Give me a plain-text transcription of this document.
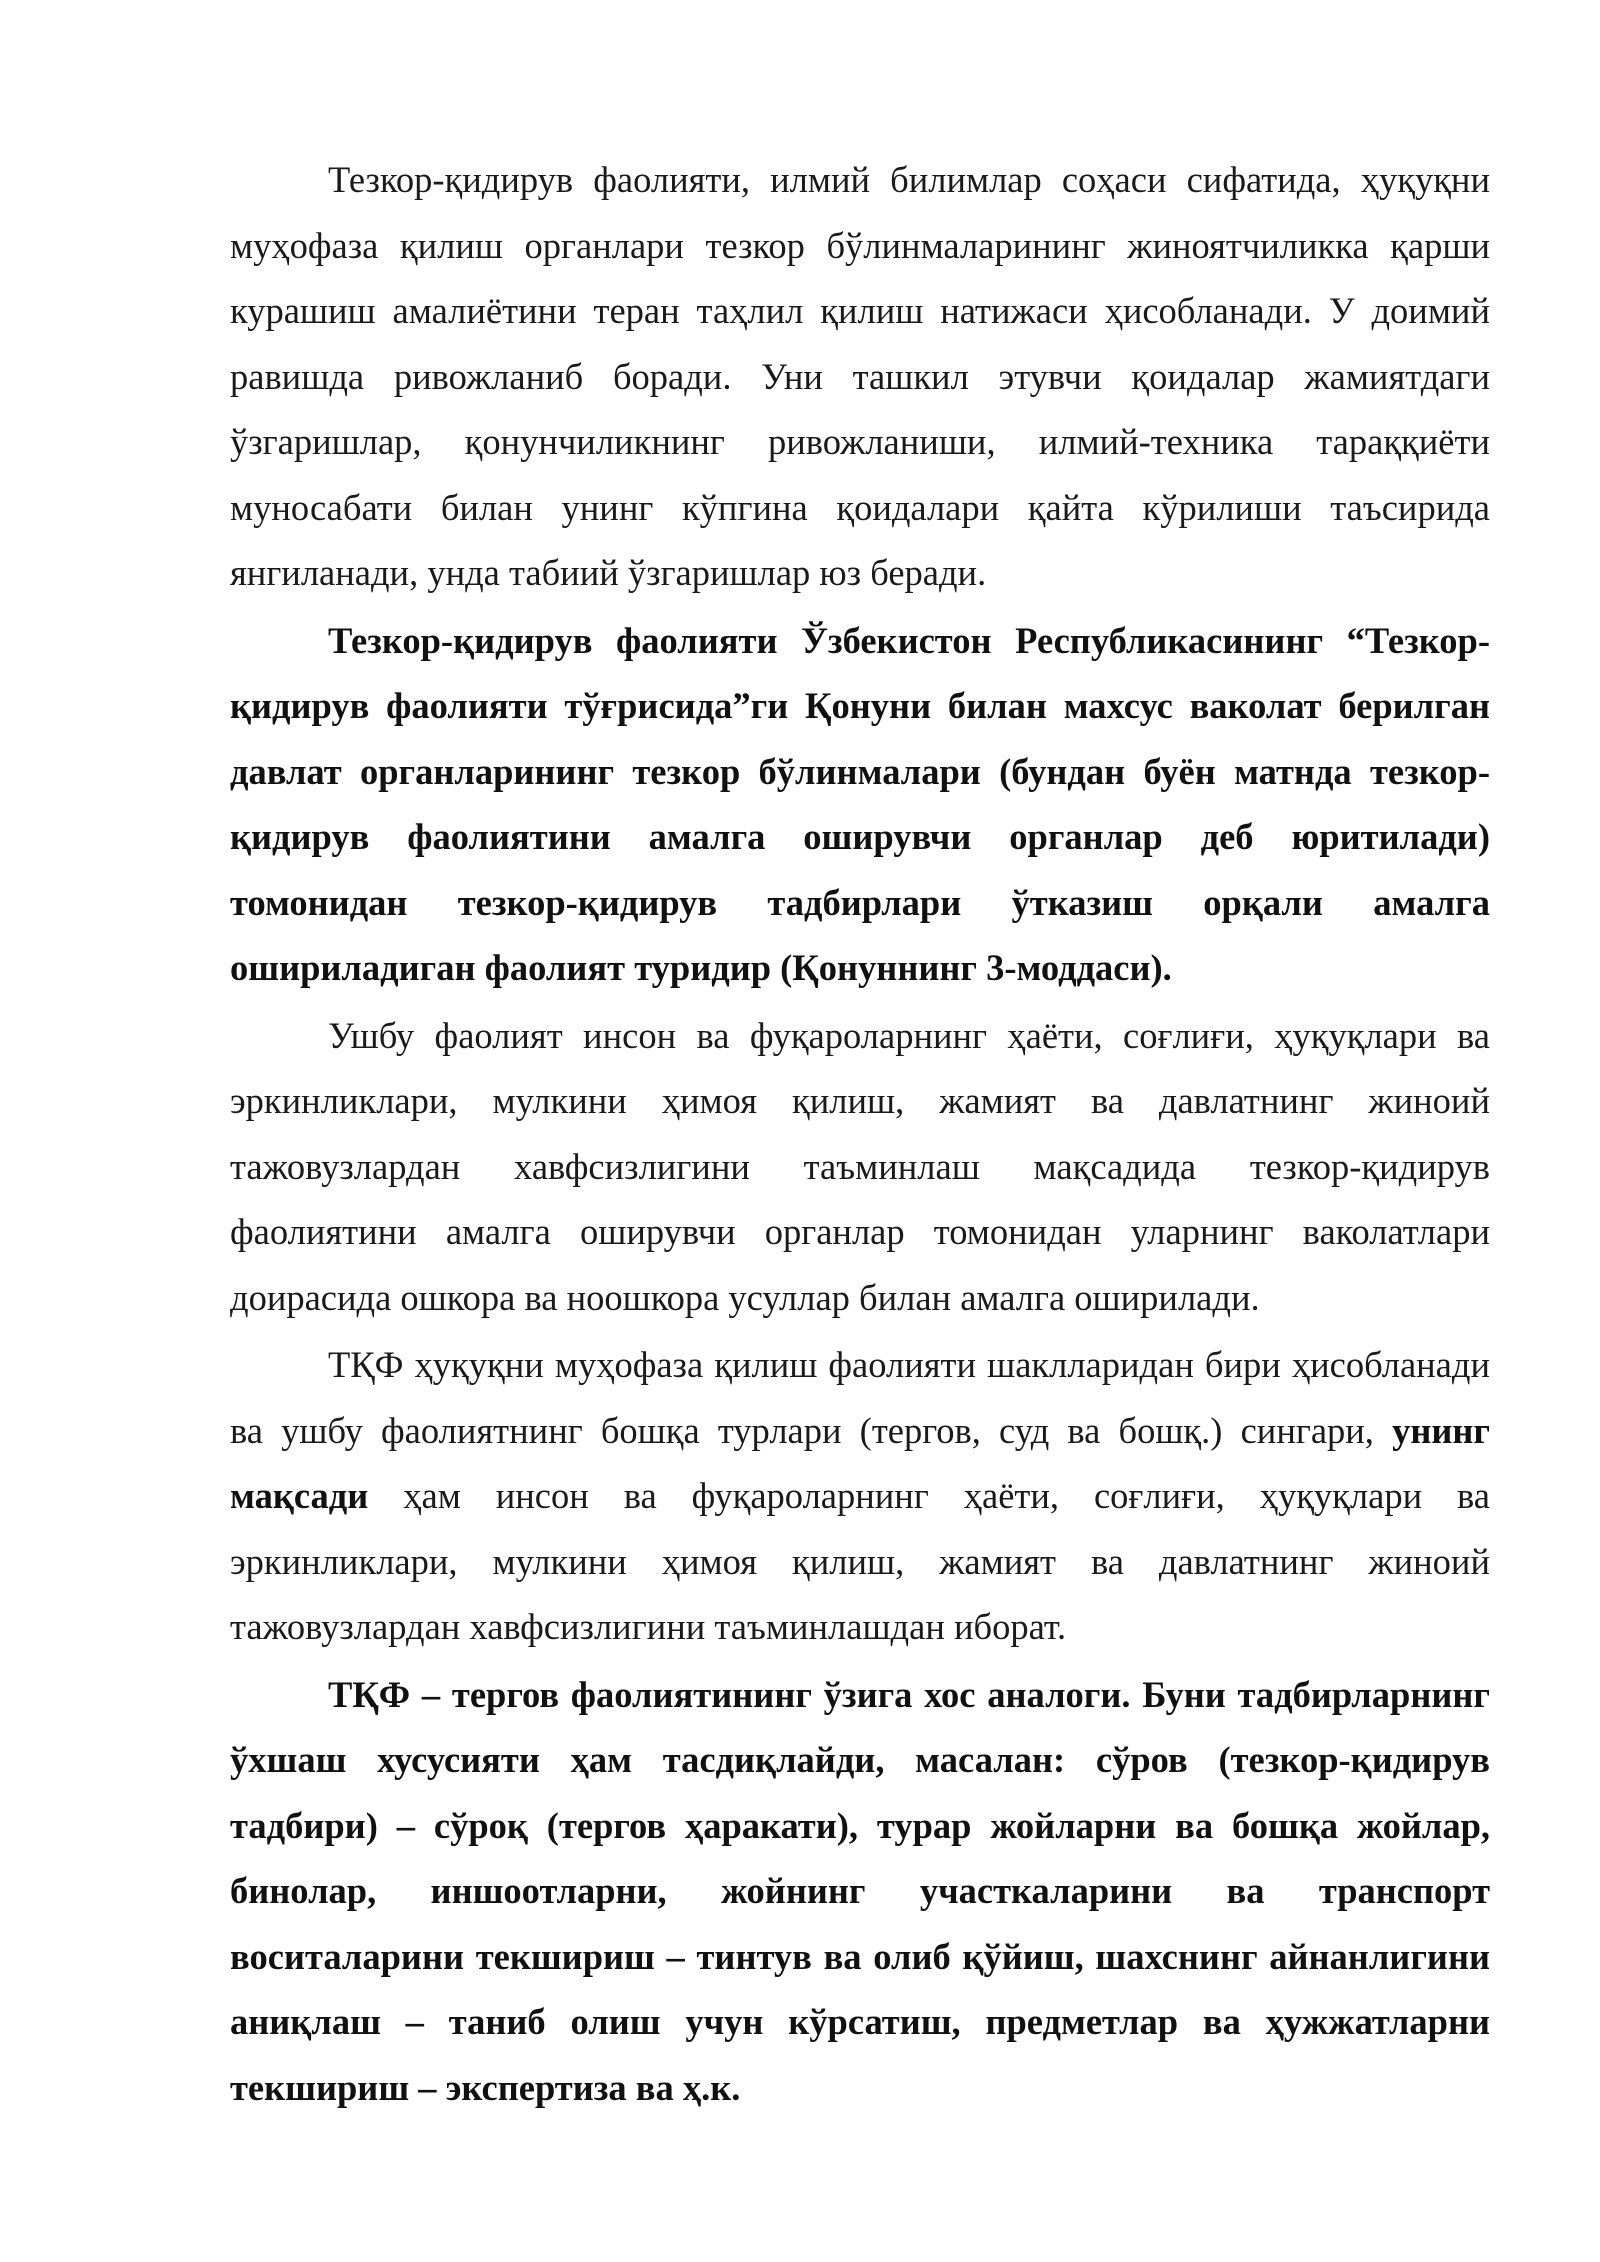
Тезкор-қидирув фаолияти, илмий билимлар соҳаси сифатида, ҳуқуқни муҳофаза қилиш органлари тезкор бўлинмаларининг жиноятчиликка қарши курашиш амалиётини теран таҳлил қилиш натижаси ҳисобланади. У доимий равишда ривожланиб боради. Уни ташкил этувчи қоидалар жамиятдаги ўзгаришлар, қонунчиликнинг ривожланиши, илмий-техника тараққиёти муносабати билан унинг кўпгина қоидалари қайта кўрилиши таъсирида янгиланади, унда табиий ўзгаришлар юз беради.

Тезкор-қидирув фаолияти Ўзбекистон Республикасининг “Тезкор-қидирув фаолияти тўғрисида”ги Қонуни билан махсус ваколат берилган давлат органларининг тезкор бўлинмалари (бундан буён матнда тезкор-қидирув фаолиятини амалга оширувчи органлар деб юритилади) томонидан тезкор-қидирув тадбирлари ўтказиш орқали амалга ошириладиган фаолият туридир (Қонуннинг 3-моддаси).

Ушбу фаолият инсон ва фуқароларнинг ҳаёти, соғлиғи, ҳуқуқлари ва эркинликлари, мулкини ҳимоя қилиш, жамият ва давлатнинг жиноий тажовузлардан хавфсизлигини таъминлаш мақсадида тезкор-қидирув фаолиятини амалга оширувчи органлар томонидан уларнинг ваколатлари доирасида ошкора ва ноошкора усуллар билан амалга оширилади.

ТҚФ ҳуқуқни муҳофаза қилиш фаолияти шаклларидан бири ҳисобланади ва ушбу фаолиятнинг бошқа турлари (тергов, суд ва бошқ.) сингари, унинг мақсади ҳам инсон ва фуқароларнинг ҳаёти, соғлиғи, ҳуқуқлари ва эркинликлари, мулкини ҳимоя қилиш, жамият ва давлатнинг жиноий тажовузлардан хавфсизлигини таъминлашдан иборат.

ТҚФ – тергов фаолиятининг ўзига хос аналоги. Буни тадбирларнинг ўхшаш хусусияти ҳам тасдиқлайди, масалан: сўров (тезкор-қидирув тадбири) – сўроқ (тергов ҳаракати), турар жойларни ва бошқа жойлар, бинолар, иншоотларни, жойнинг участкаларини ва транспорт воситаларини текшириш – тинтув ва олиб қўйиш, шахснинг айнанлигини аниқлаш – таниб олиш учун кўрсатиш, предметлар ва ҳужжатларни текшириш – экспертиза ва ҳ.к.
